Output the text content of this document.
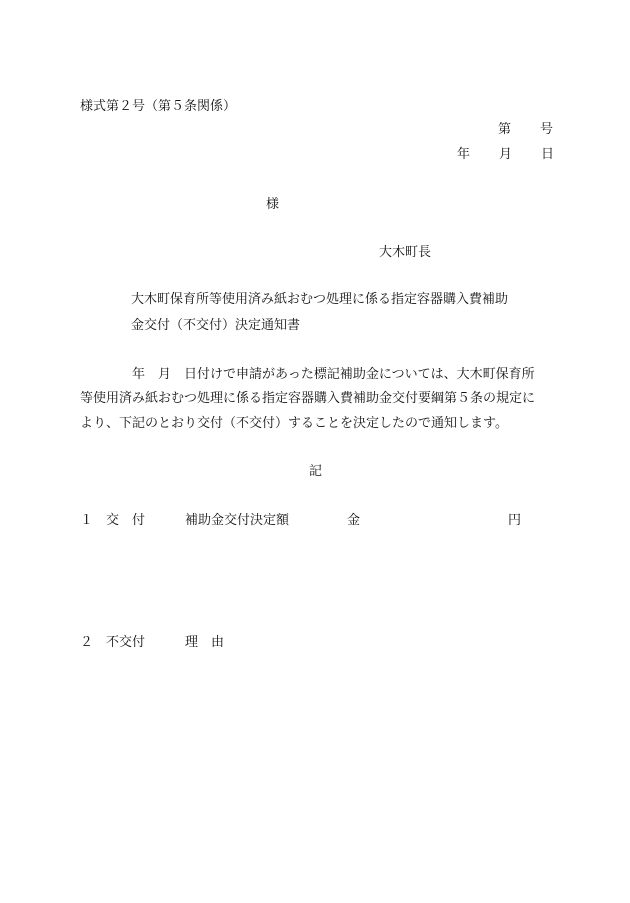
様式第２号（第５条関係）
第 号
年 月 日
様
大木町長
大木町保育所等使用済み紙おむつ処理に係る指定容器購入費補助
金交付（不交付）決定通知書
年　月　日付けで申請があった標記補助金については、大木町保育所
等使用済み紙おむつ処理に係る指定容器購入費補助金交付要綱第５条の規定に
より、下記のとおり交付（不交付）することを決定したので通知します。
記
１ 交　付	補助金交付決定額	金	円
２ 不交付	理　由
